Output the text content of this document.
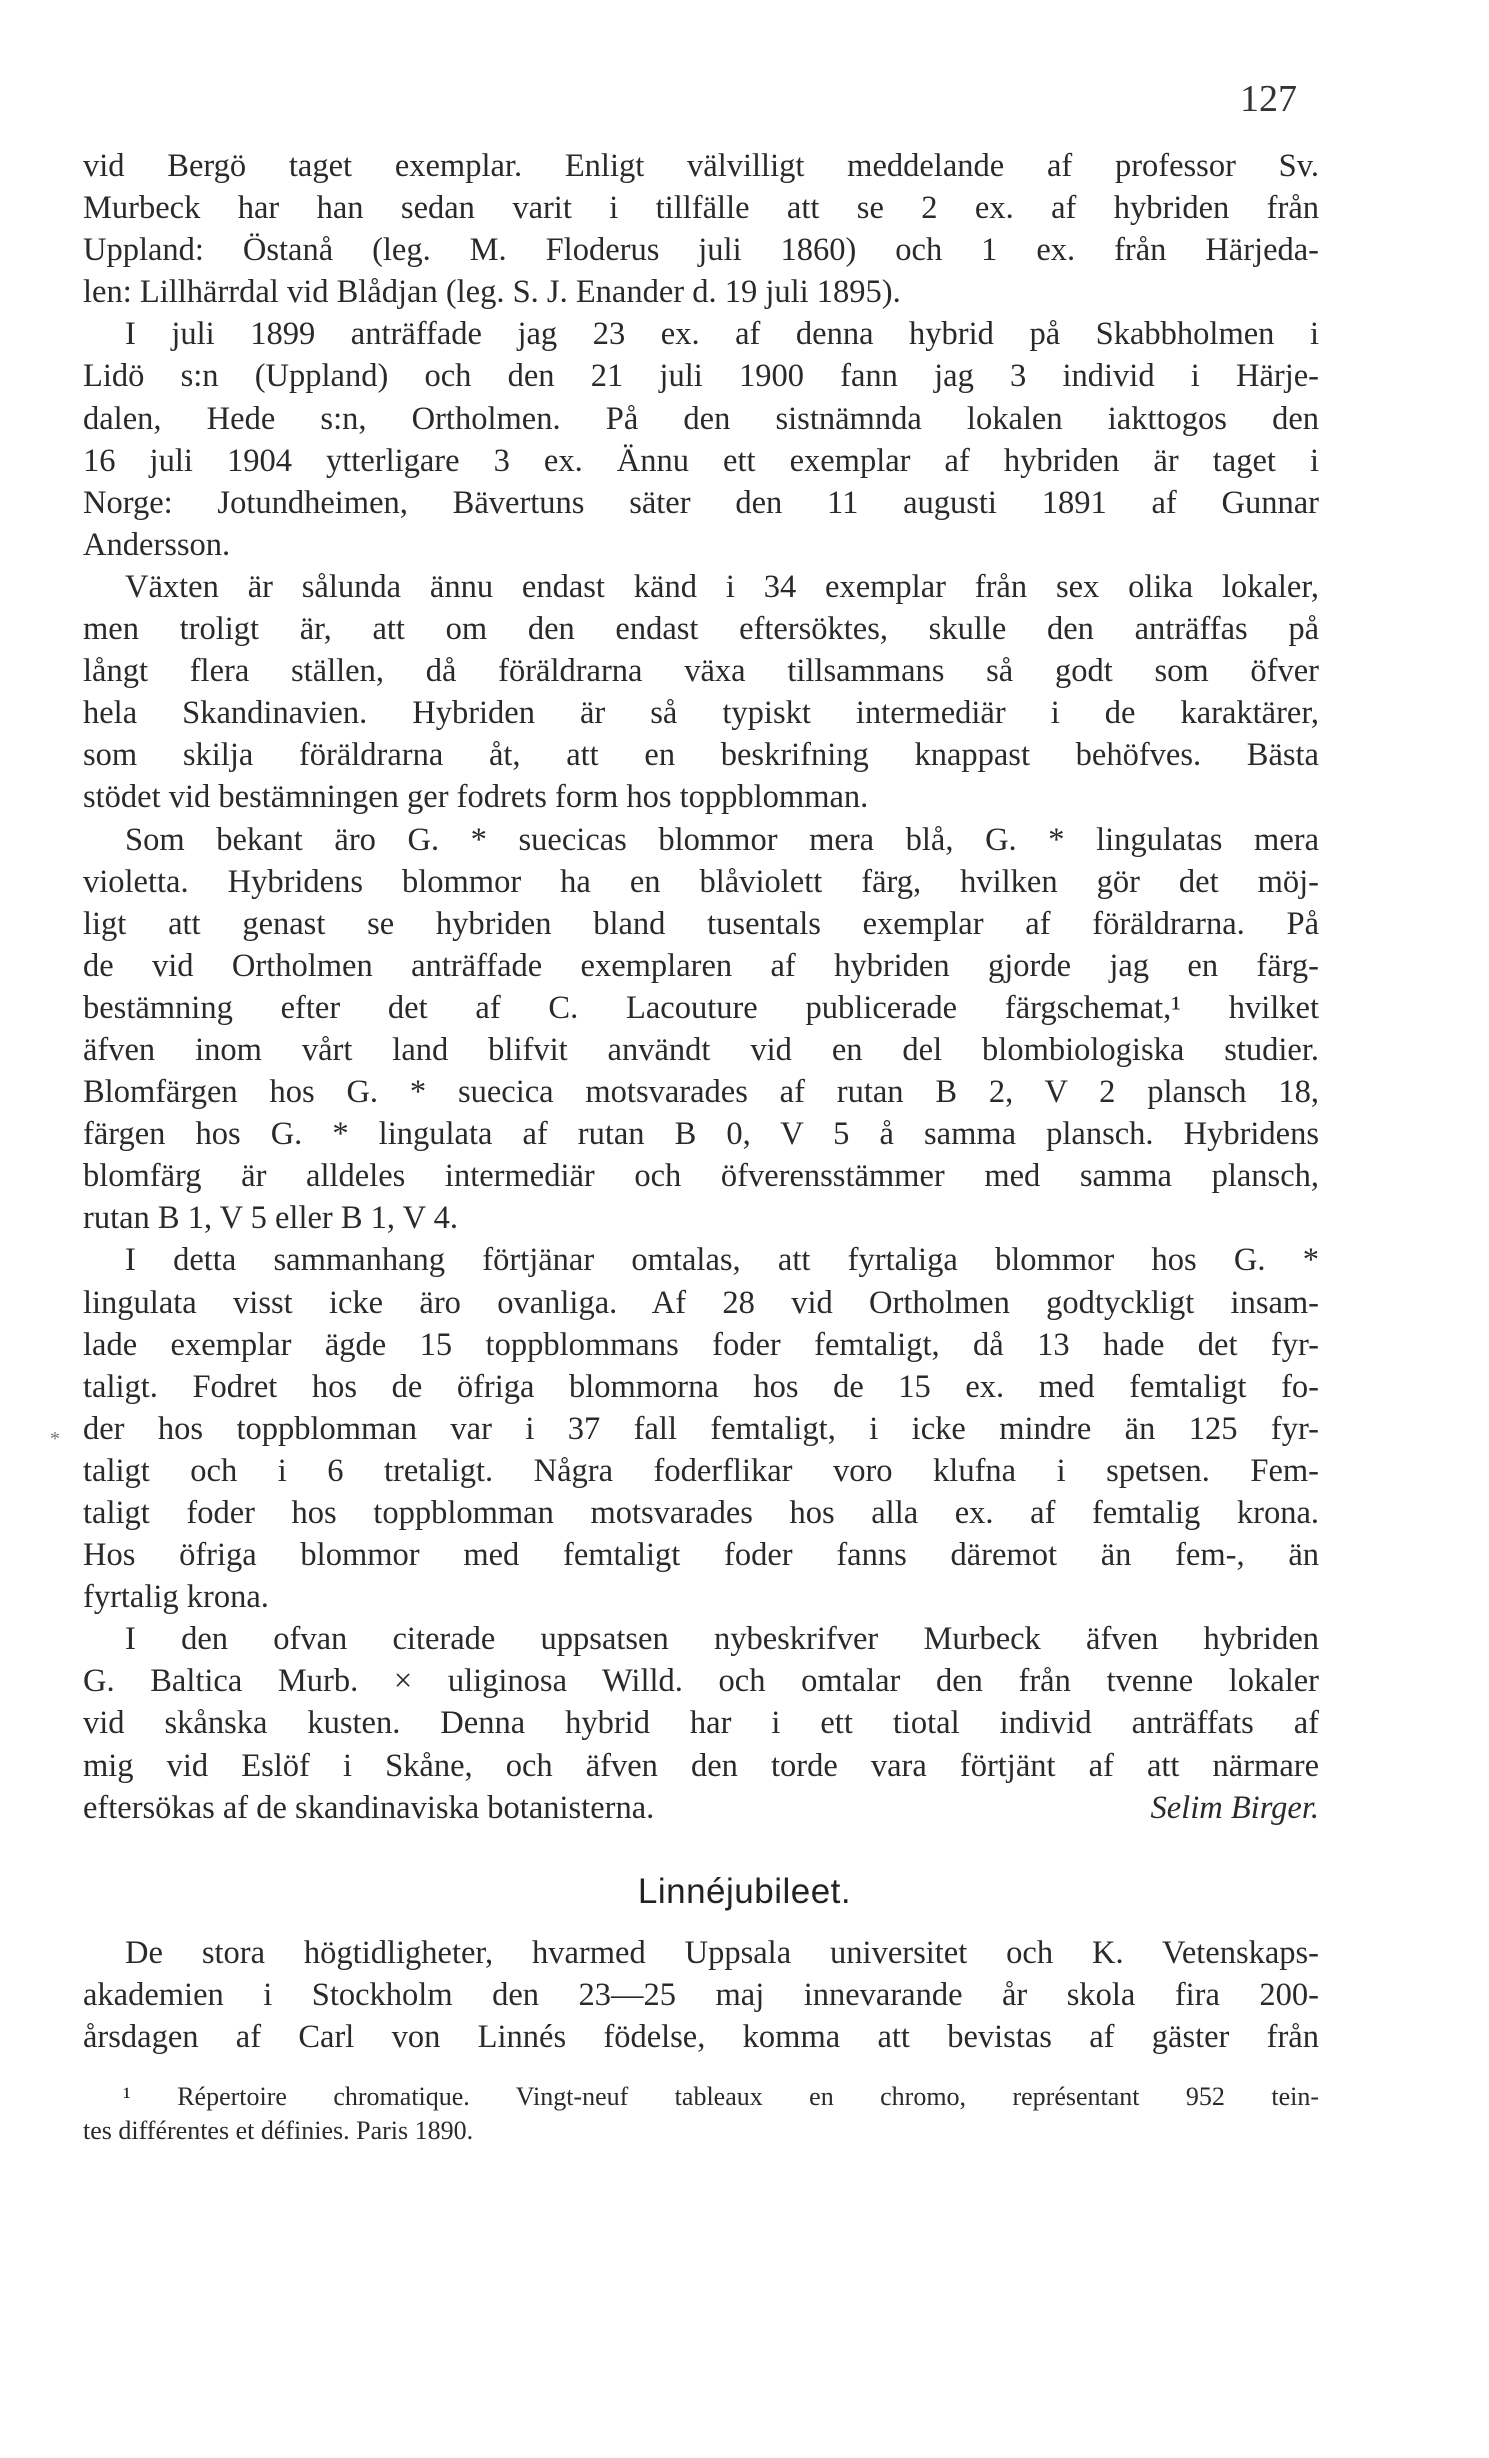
127
*
vid Bergö taget exemplar. Enligt välvilligt meddelande af professor Sv.
Murbeck har han sedan varit i tillfälle att se 2 ex. af hybriden från
Uppland: Östanå (leg. M. Floderus juli 1860) och 1 ex. från Härjeda-
len: Lillhärrdal vid Blådjan (leg. S. J. Enander d. 19 juli 1895).
I juli 1899 anträffade jag 23 ex. af denna hybrid på Skabbholmen i
Lidö s:n (Uppland) och den 21 juli 1900 fann jag 3 individ i Härje-
dalen, Hede s:n, Ortholmen. På den sistnämnda lokalen iakttogos den
16 juli 1904 ytterligare 3 ex. Ännu ett exemplar af hybriden är taget i
Norge: Jotundheimen, Bävertuns säter den 11 augusti 1891 af Gunnar
Andersson.
Växten är sålunda ännu endast känd i 34 exemplar från sex olika lokaler,
men troligt är, att om den endast eftersöktes, skulle den anträffas på
långt flera ställen, då föräldrarna växa tillsammans så godt som öfver
hela Skandinavien. Hybriden är så typiskt intermediär i de karaktärer,
som skilja föräldrarna åt, att en beskrifning knappast behöfves. Bästa
stödet vid bestämningen ger fodrets form hos toppblomman.
Som bekant äro G. * suecicas blommor mera blå, G. * lingulatas mera
violetta. Hybridens blommor ha en blåviolett färg, hvilken gör det möj-
ligt att genast se hybriden bland tusentals exemplar af föräldrarna. På
de vid Ortholmen anträffade exemplaren af hybriden gjorde jag en färg-
bestämning efter det af C. Lacouture publicerade färgschemat,¹ hvilket
äfven inom vårt land blifvit användt vid en del blombiologiska studier.
Blomfärgen hos G. * suecica motsvarades af rutan B 2, V 2 plansch 18,
färgen hos G. * lingulata af rutan B 0, V 5 å samma plansch. Hybridens
blomfärg är alldeles intermediär och öfverensstämmer med samma plansch,
rutan B 1, V 5 eller B 1, V 4.
I detta sammanhang förtjänar omtalas, att fyrtaliga blommor hos G. *
lingulata visst icke äro ovanliga. Af 28 vid Ortholmen godtyckligt insam-
lade exemplar ägde 15 toppblommans foder femtaligt, då 13 hade det fyr-
taligt. Fodret hos de öfriga blommorna hos de 15 ex. med femtaligt fo-
der hos toppblomman var i 37 fall femtaligt, i icke mindre än 125 fyr-
taligt och i 6 tretaligt. Några foderflikar voro klufna i spetsen. Fem-
taligt foder hos toppblomman motsvarades hos alla ex. af femtalig krona.
Hos öfriga blommor med femtaligt foder fanns däremot än fem-, än
fyrtalig krona.
I den ofvan citerade uppsatsen nybeskrifver Murbeck äfven hybriden
G. Baltica Murb. × uliginosa Willd. och omtalar den från tvenne lokaler
vid skånska kusten. Denna hybrid har i ett tiotal individ anträffats af
mig vid Eslöf i Skåne, och äfven den torde vara förtjänt af att närmare
eftersökas af de skandinaviska botanisterna.	Selim Birger.
Linnéjubileet.
De stora högtidligheter, hvarmed Uppsala universitet och K. Vetenskaps-
akademien i Stockholm den 23—25 maj innevarande år skola fira 200-
årsdagen af Carl von Linnés födelse, komma att bevistas af gäster från
¹ Répertoire chromatique. Vingt-neuf tableaux en chromo, représentant 952 tein-
tes différentes et définies. Paris 1890.
